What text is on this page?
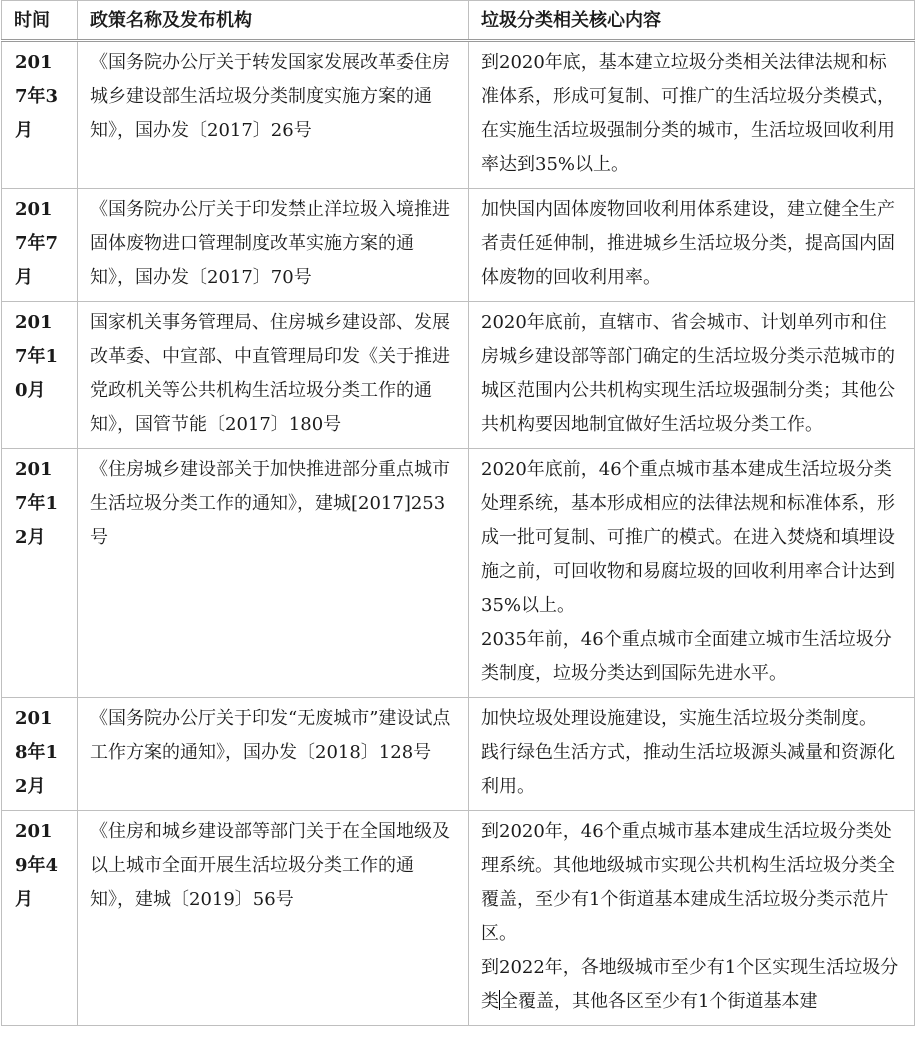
时间	政策名称及发布机构	垃圾分类相关核心内容
2017年3月	《国务院办公厅关于转发国家发展改革委住房城乡建设部生活垃圾分类制度实施方案的通知》，国办发〔2017〕26号	到2020年底，基本建立垃圾分类相关法律法规和标准体系，形成可复制、可推广的生活垃圾分类模式，在实施生活垃圾强制分类的城市，生活垃圾回收利用率达到35%以上。

2017年7月	《国务院办公厅关于印发禁止洋垃圾入境推进固体废物进口管理制度改革实施方案的通知》，国办发〔2017〕70号	加快国内固体废物回收利用体系建设，建立健全生产者责任延伸制，推进城乡生活垃圾分类，提高国内固体废物的回收利用率。

2017年10月	国家机关事务管理局、住房城乡建设部、发展改革委、中宣部、中直管理局印发《关于推进党政机关等公共机构生活垃圾分类工作的通知》，国管节能〔2017〕180号	2020年底前，直辖市、省会城市、计划单列市和住房城乡建设部等部门确定的生活垃圾分类示范城市的城区范围内公共机构实现生活垃圾强制分类；其他公共机构要因地制宜做好生活垃圾分类工作。

2017年12月	《住房城乡建设部关于加快推进部分重点城市生活垃圾分类工作的通知》，建城[2017]253号	2020年底前，46个重点城市基本建成生活垃圾分类处理系统，基本形成相应的法律法规和标准体系，形成一批可复制、可推广的模式。在进入焚烧和填埋设施之前，可回收物和易腐垃圾的回收利用率合计达到35%以上。

2035年前，46个重点城市全面建立城市生活垃圾分类制度，垃圾分类达到国际先进水平。

2018年12月	《国务院办公厅关于印发“无废城市”建设试点工作方案的通知》，国办发〔2018〕128号	加快垃圾处理设施建设，实施生活垃圾分类制度。

践行绿色生活方式，推动生活垃圾源头减量和资源化利用。

2019年4月	《住房和城乡建设部等部门关于在全国地级及以上城市全面开展生活垃圾分类工作的通知》，建城〔2019〕56号	到2020年，46个重点城市基本建成生活垃圾分类处理系统。其他地级城市实现公共机构生活垃圾分类全覆盖，至少有1个街道基本建成生活垃圾分类示范片区。

到2022年，各地级城市至少有1个区实现生活垃圾分类全覆盖，其他各区至少有1个街道基本建
